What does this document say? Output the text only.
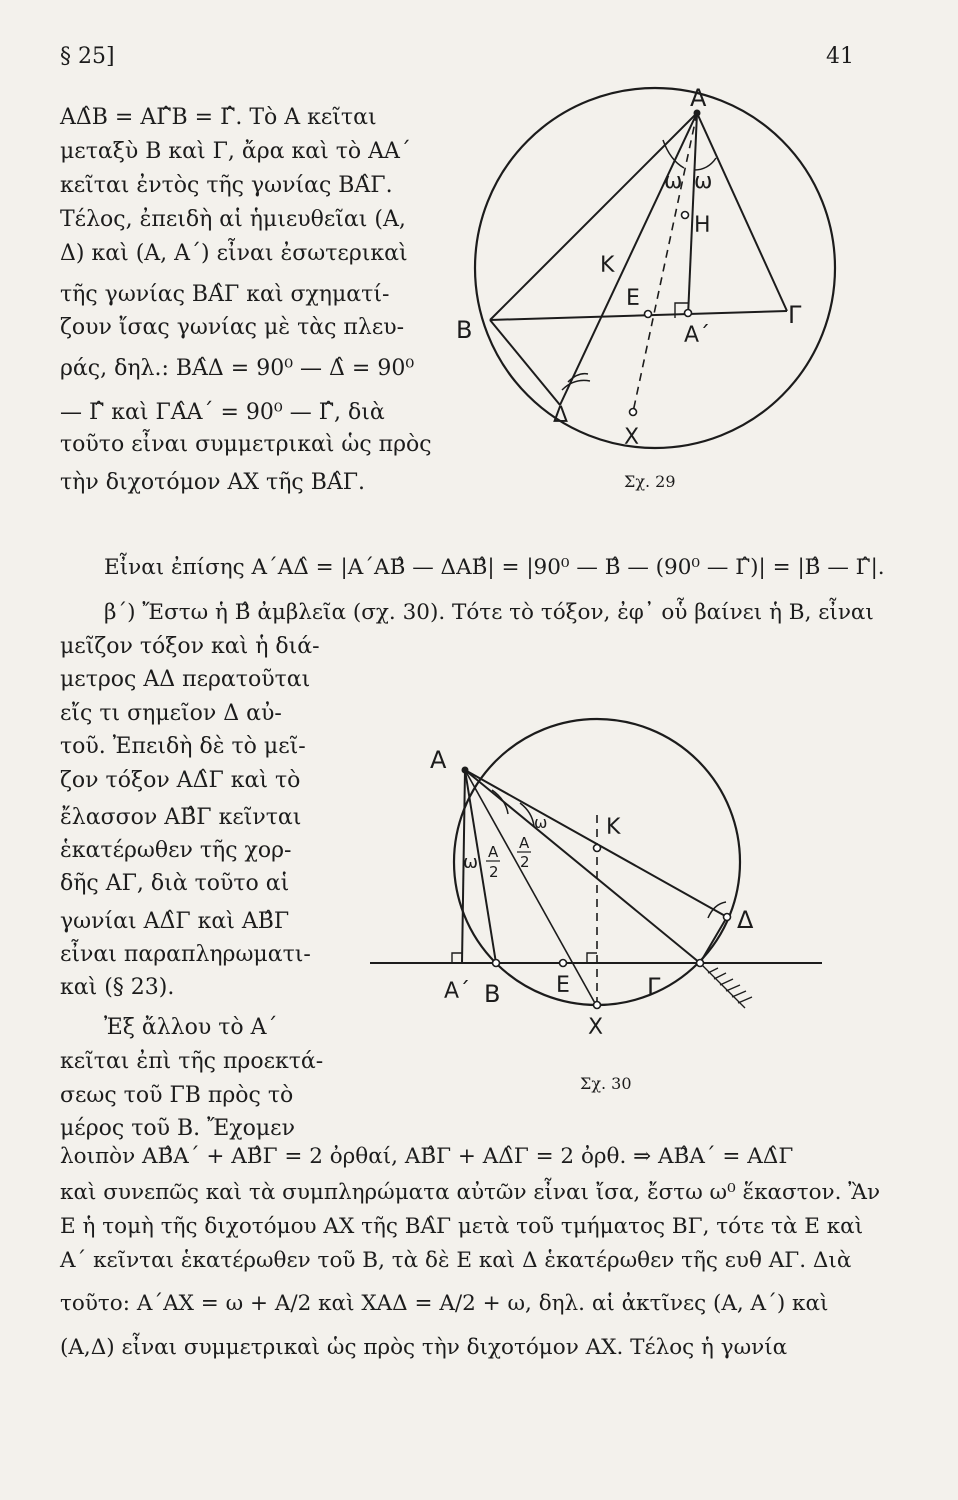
§ 25]	41
ΑΔ̂Β = ΑΓ̂Β = Γ̂. Τὸ Α κεῖται
μεταξὺ Β καὶ Γ, ἄρα καὶ τὸ ΑΑ΄
κεῖται ἐντὸς τῆς γωνίας ΒΑ̂Γ.
Τέλος, ἐπειδὴ αἱ ἡμιευθεῖαι (Α,
Δ) καὶ (Α, Α΄) εἶναι ἐσωτερικαὶ
τῆς γωνίας ΒΑ̂Γ καὶ σχηματί-
ζουν ἴσας γωνίας μὲ τὰς πλευ-
ράς, δηλ.: ΒΑ̂Δ = 90⁰ — Δ̂ = 90⁰
— Γ̂ καὶ ΓΑ̂Α΄ = 90⁰ — Γ̂, διὰ
τοῦτο εἶναι συμμετρικαὶ ὡς πρὸς
τὴν διχοτόμον ΑΧ τῆς ΒΑ̂Γ.
Α
ω ω
Η
Κ
Ε
Β
Γ
Α΄
Δ
Χ
Σχ. 29
Εἶναι ἐπίσης Α΄ΑΔ̂ = |Α΄ΑΒ̂ — ΔΑΒ̂| = |90⁰ — Β̂ — (90⁰ — Γ̂)| = |Β̂ — Γ̂|.
β΄) Ἔστω ἡ Β̂ ἀμβλεῖα (σχ. 30). Τότε τὸ τόξον, ἐφ᾽ οὗ βαίνει ἡ Β, εἶναι
μεῖζον τόξον καὶ ἡ διά-
μετρος ΑΔ περατοῦται
εἴς τι σημεῖον Δ αὐ-
τοῦ. Ἐπειδὴ δὲ τὸ μεῖ-
ζον τόξον ΑΔ̂Γ καὶ τὸ
ἔλασσον ΑΒ̂Γ κεῖνται
ἑκατέρωθεν τῆς χορ-
δῆς ΑΓ, διὰ τοῦτο αἱ
γωνίαι ΑΔ̂Γ καὶ ΑΒ̂Γ
εἶναι παραπληρωματι-
καὶ (§ 23).
Ἐξ ἄλλου τὸ Α΄
κεῖται ἐπὶ τῆς προεκτά-
σεως τοῦ ΓΒ πρὸς τὸ
μέρος τοῦ Β. Ἔχομεν
Α
Κ
ω
ω
Α
2
Α
2
Δ
Α΄ Β	Ε	Γ
Χ
Σχ. 30
λοιπὸν ΑΒ̂Α΄ + ΑΒ̂Γ = 2 ὀρθαί, ΑΒ̂Γ + ΑΔ̂Γ = 2 ὀρθ. ⇒ ΑΒ̂Α΄ = ΑΔ̂Γ
καὶ συνεπῶς καὶ τὰ συμπληρώματα αὐτῶν εἶναι ἴσα, ἔστω ω⁰ ἕκαστον. Ἂν
Ε ἡ τομὴ τῆς διχοτόμου ΑΧ τῆς ΒΑ̂Γ μετὰ τοῦ τμήματος ΒΓ, τότε τὰ Ε καὶ
Α΄ κεῖνται ἑκατέρωθεν τοῦ Β, τὰ δὲ Ε καὶ Δ ἑκατέρωθεν τῆς ευθ ΑΓ. Διὰ
τοῦτο: Α΄ΑΧ = ω + Α/2 καὶ ΧΑΔ = Α/2 + ω, δηλ. αἱ ἀκτῖνες (Α, Α΄) καὶ
(Α,Δ) εἶναι συμμετρικαὶ ὡς πρὸς τὴν διχοτόμον ΑΧ. Τέλος ἡ γωνία
